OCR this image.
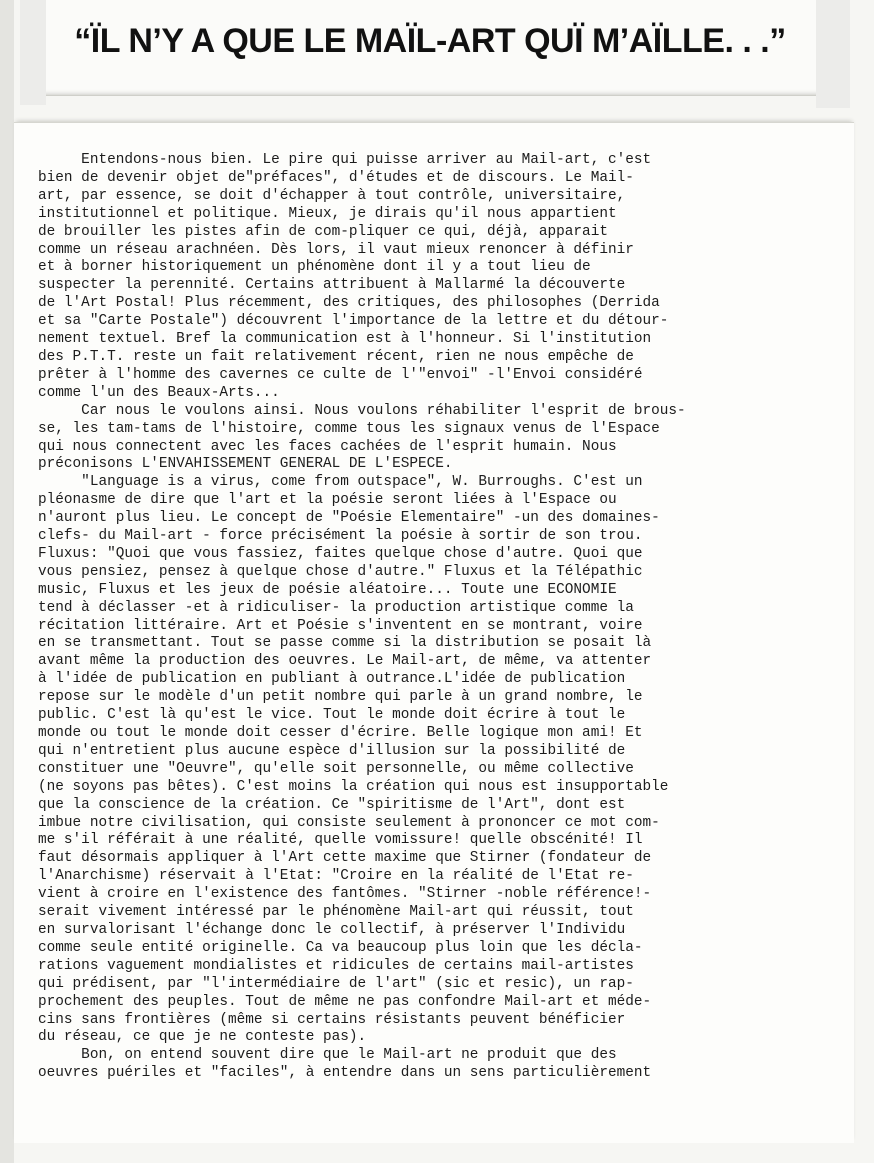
“ÏL N’Y A QUE LE MAÏL-ART QUÏ M’AÏLLE. . .”

Entendons-nous bien. Le pire qui puisse arriver au Mail-art, c'est
bien de devenir objet de"préfaces", d'études et de discours. Le Mail-
art, par essence, se doit d'échapper à tout contrôle, universitaire,
institutionnel et politique. Mieux, je dirais qu'il nous appartient
de brouiller les pistes afin de com-pliquer ce qui, déjà, apparait
comme un réseau arachnéen. Dès lors, il vaut mieux renoncer à définir
et à borner historiquement un phénomène dont il y a tout lieu de
suspecter la perennité. Certains attribuent à Mallarmé la découverte
de l'Art Postal! Plus récemment, des critiques, des philosophes (Derrida
et sa "Carte Postale") découvrent l'importance de la lettre et du détour-
nement textuel. Bref la communication est à l'honneur. Si l'institution
des P.T.T. reste un fait relativement récent, rien ne nous empêche de
prêter à l'homme des cavernes ce culte de l'"envoi" -l'Envoi considéré
comme l'un des Beaux-Arts...
Car nous le voulons ainsi. Nous voulons réhabiliter l'esprit de brous-
se, les tam-tams de l'histoire, comme tous les signaux venus de l'Espace
qui nous connectent avec les faces cachées de l'esprit humain. Nous
préconisons L'ENVAHISSEMENT GENERAL DE L'ESPECE.
"Language is a virus, come from outspace", W. Burroughs. C'est un
pléonasme de dire que l'art et la poésie seront liées à l'Espace ou
n'auront plus lieu. Le concept de "Poésie Elementaire" -un des domaines-
clefs- du Mail-art - force précisément la poésie à sortir de son trou.
Fluxus: "Quoi que vous fassiez, faites quelque chose d'autre. Quoi que
vous pensiez, pensez à quelque chose d'autre." Fluxus et la Télépathic
music, Fluxus et les jeux de poésie aléatoire... Toute une ECONOMIE
tend à déclasser -et à ridiculiser- la production artistique comme la
récitation littéraire. Art et Poésie s'inventent en se montrant, voire
en se transmettant. Tout se passe comme si la distribution se posait là
avant même la production des oeuvres. Le Mail-art, de même, va attenter
à l'idée de publication en publiant à outrance.L'idée de publication
repose sur le modèle d'un petit nombre qui parle à un grand nombre, le
public. C'est là qu'est le vice. Tout le monde doit écrire à tout le
monde ou tout le monde doit cesser d'écrire. Belle logique mon ami! Et
qui n'entretient plus aucune espèce d'illusion sur la possibilité de
constituer une "Oeuvre", qu'elle soit personnelle, ou même collective
(ne soyons pas bêtes). C'est moins la création qui nous est insupportable
que la conscience de la création. Ce "spiritisme de l'Art", dont est
imbue notre civilisation, qui consiste seulement à prononcer ce mot com-
me s'il référait à une réalité, quelle vomissure! quelle obscénité! Il
faut désormais appliquer à l'Art cette maxime que Stirner (fondateur de
l'Anarchisme) réservait à l'Etat: "Croire en la réalité de l'Etat re-
vient à croire en l'existence des fantômes. "Stirner -noble référence!-
serait vivement intéressé par le phénomène Mail-art qui réussit, tout
en survalorisant l'échange donc le collectif, à préserver l'Individu
comme seule entité originelle. Ca va beaucoup plus loin que les décla-
rations vaguement mondialistes et ridicules de certains mail-artistes
qui prédisent, par "l'intermédiaire de l'art" (sic et resic), un rap-
prochement des peuples. Tout de même ne pas confondre Mail-art et méde-
cins sans frontières (même si certains résistants peuvent bénéficier
du réseau, ce que je ne conteste pas).
Bon, on entend souvent dire que le Mail-art ne produit que des
oeuvres puériles et "faciles", à entendre dans un sens particulièrement
